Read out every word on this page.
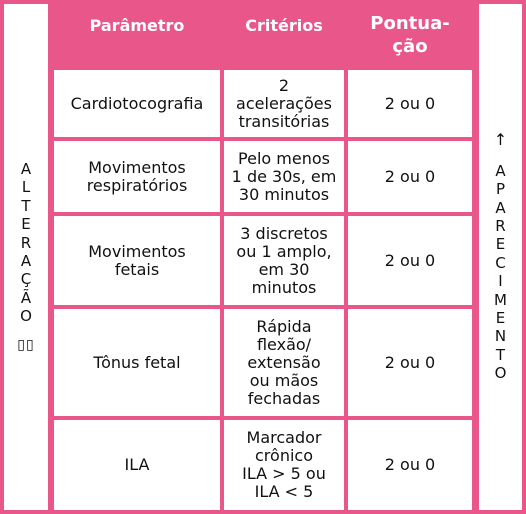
A
L
T
E
R
A
Ç
Ã
O
▯▯
↑
A
P
A
R
E
C
I
M
E
N
T
O
Parâmetro	Critérios	Pontua-
ção
Cardiotocografia
2
acelerações
transitórias
2 ou 0
Movimentos
respiratórios
Pelo menos
1 de 30s, em
30 minutos
2 ou 0
Movimentos
fetais
3 discretos
ou 1 amplo,
em 30
minutos
2 ou 0
Tônus fetal
Rápida
flexão/
extensão
ou mãos
fechadas
2 ou 0
ILA
Marcador
crônico
ILA > 5 ou
ILA < 5
2 ou 0
